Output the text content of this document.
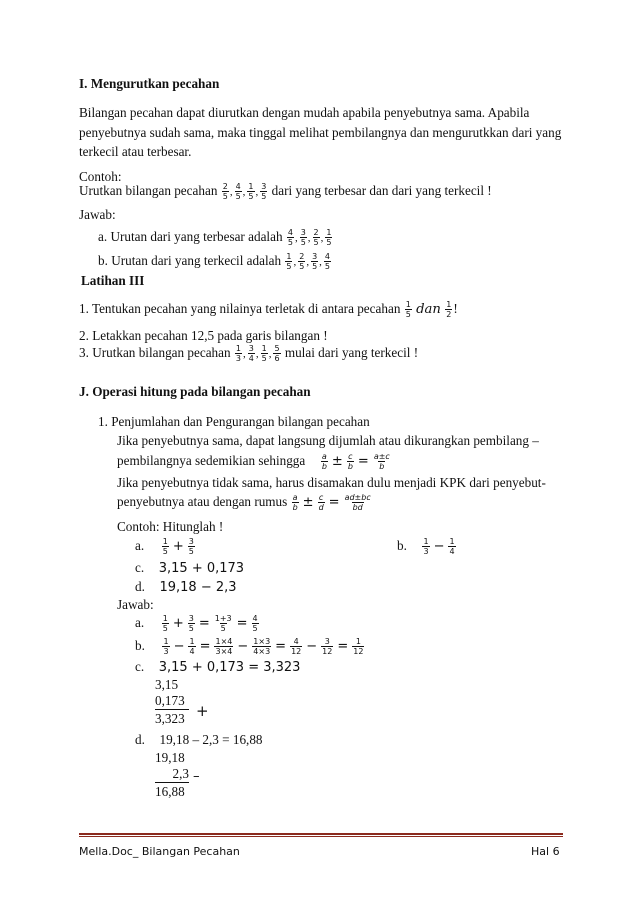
I. Mengurutkan pecahan
Bilangan pecahan dapat diurutkan dengan mudah apabila penyebutnya sama. Apabila
penyebutnya sudah sama, maka tinggal melihat pembilangnya dan mengurutkkan dari yang
terkecil atau terbesar.
Contoh:
Urutkan bilangan pecahan $\frac{2}{5}$ , $\frac{4}{5}$ , $\frac{1}{5}$ , $\frac{3}{5}$ dari yang terbesar dan dari yang terkecil !
Jawab:
a. Urutan dari yang terbesar adalah $\frac{4}{5}$ , $\frac{3}{5}$ , $\frac{2}{5}$ , $\frac{1}{5}$
b. Urutan dari yang terkecil adalah $\frac{1}{5}$ , $\frac{2}{5}$ , $\frac{3}{5}$ , $\frac{4}{5}$
Latihan III
1. Tentukan pecahan yang nilainya terletak di antara pecahan $\frac{1}{5}$ dan $\frac{1}{2}$ !
2. Letakkan pecahan 12,5 pada garis bilangan !
3. Urutkan bilangan pecahan $\frac{1}{3}$ , $\frac{3}{4}$ , $\frac{1}{5}$ , $\frac{5}{6}$ mulai dari yang terkecil !
J. Operasi hitung pada bilangan pecahan
1. Penjumlahan dan Pengurangan bilangan pecahan
Jika penyebutnya sama, dapat langsung dijumlah atau dikurangkan pembilang –
pembilangnya sedemikian sehingga $\frac{a}{b} \pm \frac{c}{b} = \frac{a\pm c}{b}$
Jika penyebutnya tidak sama, harus disamakan dulu menjadi KPK dari penyebut-
penyebutnya atau dengan rumus $\frac{a}{b} \pm \frac{c}{d} = \frac{ad\pm bc}{bd}$
Contoh: Hitunglah !
a. $\frac{1}{5} + \frac{3}{5}$	b. $\frac{1}{3} - \frac{1}{4}$
c. 3,15 + 0,173
d. 19,18 − 2,3
Jawab:
a. $\frac{1}{5} + \frac{3}{5} = \frac{1+3}{5} = \frac{4}{5}$
b. $\frac{1}{3} - \frac{1}{4} = \frac{1\times 4}{3\times 4} - \frac{1\times 3}{4\times 3} = \frac{4}{12} - \frac{3}{12} = \frac{1}{12}$
c. 3,15 + 0,173 = 3,323
3,15
0,173
3,323 +
d. 19,18 – 2,3 = 16,88
19,18
2,3
16,88
–
Mella.Doc_ Bilangan Pecahan	Hal 6
